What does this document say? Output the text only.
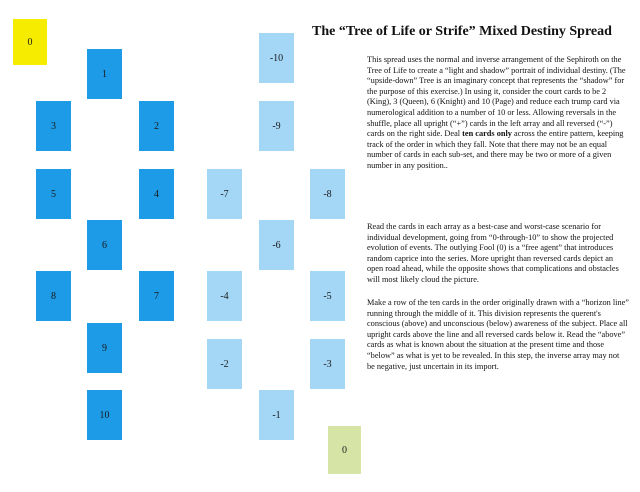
0
0
1
2
3
4
5
6
7
8
9
10	-1
-2	-3
-4	-5
-6
-7	-8
-9
-10
The “Tree of Life or Strife” Mixed Destiny Spread

This spread uses the normal and inverse arrangement of the Sephiroth on the Tree of Life to create a “light and shadow” portrait of individual destiny. (The “upside-down” Tree is an imaginary concept that represents the “shadow” for the purpose of this exercise.) In using it, consider the court cards to be 2 (King), 3 (Queen), 6 (Knight) and 10 (Page) and reduce each trump card via numerological addition to a number of 10 or less. Allowing reversals in the shuffle, place all upright (“+”) cards in the left array and all reversed (“-”) cards on the right side. Deal ten cards only across the entire pattern, keeping track of the order in which they fall. Note that there may not be an equal number of cards in each sub-set, and there may be two or more of a given number in any position..

Read the cards in each array as a best-case and worst-case scenario for individual development, going from “0-through-10” to show the projected evolution of events. The outlying Fool (0) is a “free agent” that introduces random caprice into the series. More upright than reversed cards depict an open road ahead, while the opposite shows that complications and obstacles will most likely cloud the picture.

Make a row of the ten cards in the order originally drawn with a “horizon line” running through the middle of it. This division represents the querent's conscious (above) and unconscious (below) awareness of the subject. Place all upright cards above the line and all reversed cards below it. Read the “above” cards as what is known about the situation at the present time and those “below” as what is yet to be revealed. In this step, the inverse array may not be negative, just uncertain in its import.
